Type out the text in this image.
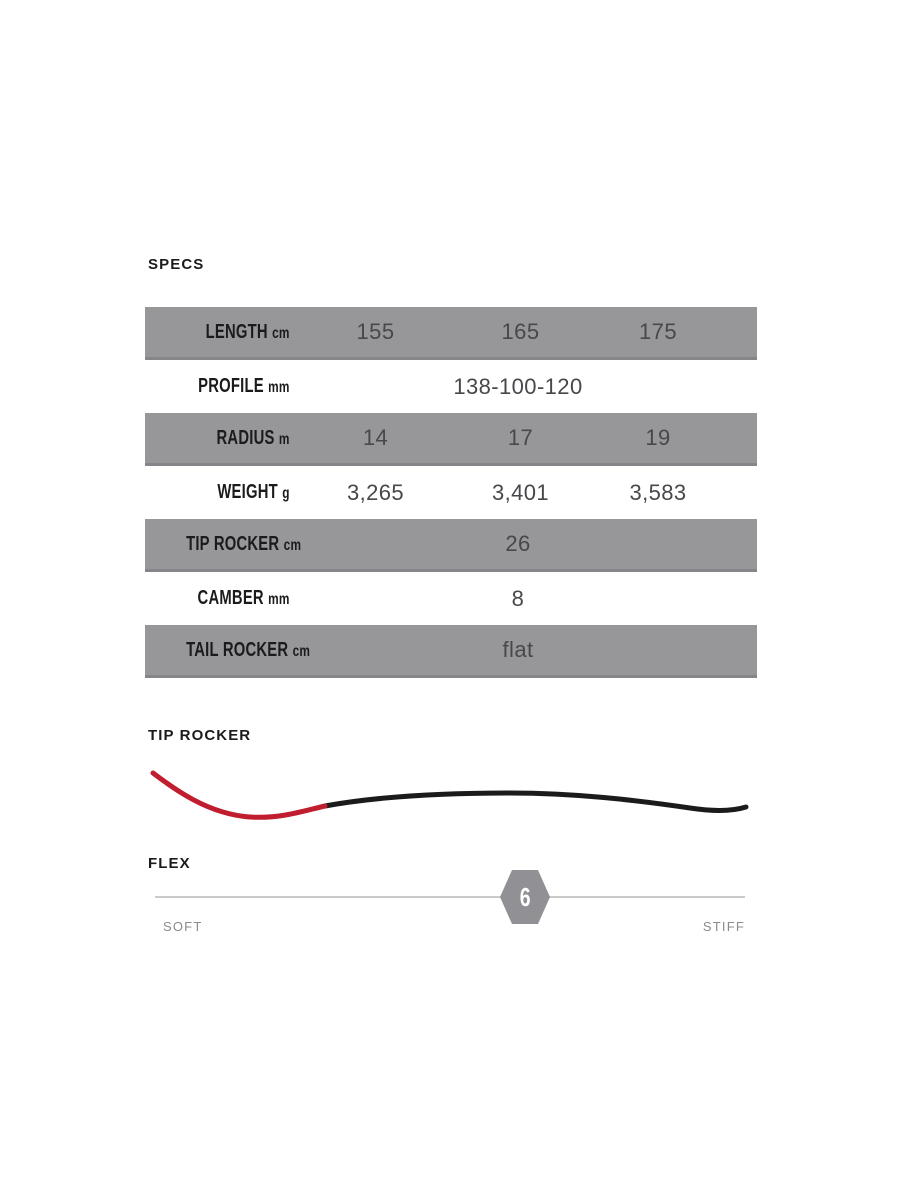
SPECS
LENGTH cm	155	165	175
PROFILE mm	138-100-120
RADIUS m	14	17	19
WEIGHT g	3,265	3,401	3,583
TIP ROCKER cm	26
CAMBER mm	8
TAIL ROCKER cm	flat
TIP ROCKER
FLEX
6
SOFT	STIFF
